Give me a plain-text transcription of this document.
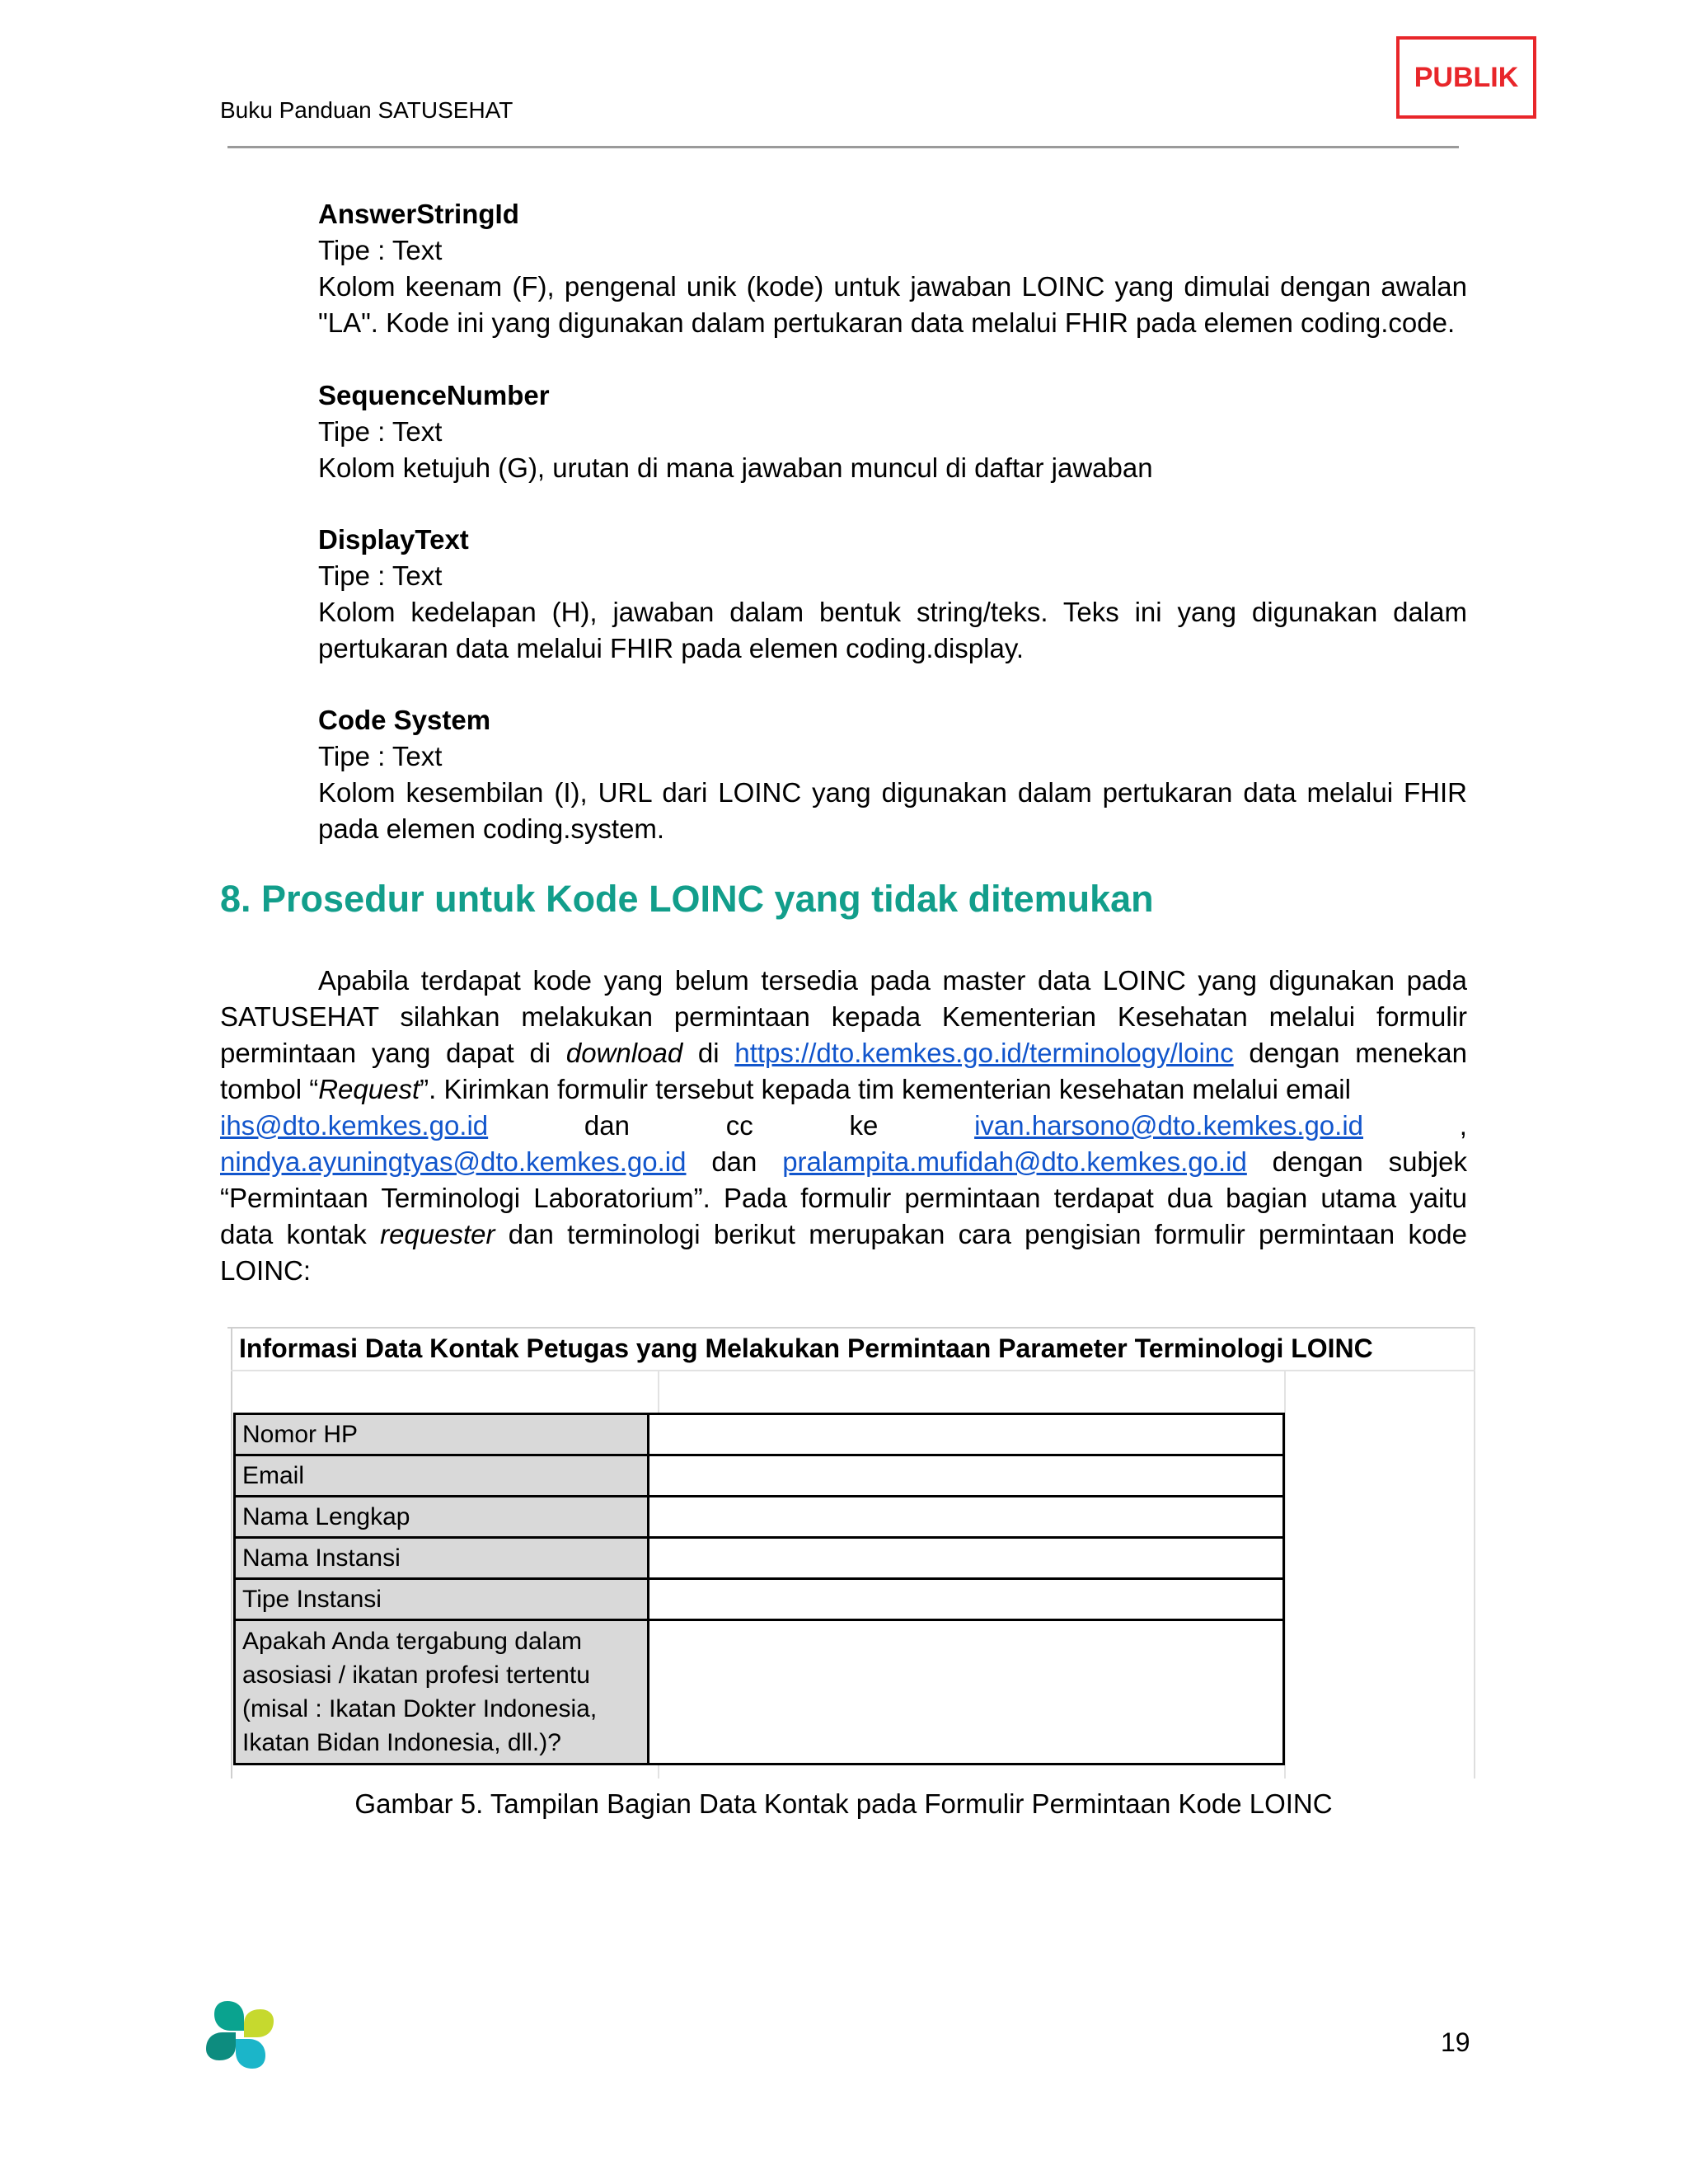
Buku Panduan SATUSEHAT
PUBLIK
AnswerStringId
Tipe : Text
Kolom keenam (F), pengenal unik (kode) untuk jawaban LOINC yang dimulai dengan awalan "LA". Kode ini yang digunakan dalam pertukaran data melalui FHIR pada elemen coding.code.
SequenceNumber
Tipe : Text
Kolom ketujuh (G), urutan di mana jawaban muncul di daftar jawaban
DisplayText
Tipe : Text
Kolom kedelapan (H), jawaban dalam bentuk string/teks. Teks ini yang digunakan dalam pertukaran data melalui FHIR pada elemen coding.display.
Code System
Tipe : Text
Kolom kesembilan (I), URL dari LOINC yang digunakan dalam pertukaran data melalui FHIR pada elemen coding.system.
8. Prosedur untuk Kode LOINC yang tidak ditemukan
Apabila terdapat kode yang belum tersedia pada master data LOINC yang digunakan pada SATUSEHAT silahkan melakukan permintaan kepada Kementerian Kesehatan melalui formulir permintaan yang dapat di download di https://dto.kemkes.go.id/terminology/loinc dengan menekan tombol “Request”. Kirimkan formulir tersebut kepada tim kementerian kesehatan melalui email
ihs@dto.kemkes.go.id	dan	cc	ke	ivan.harsono@dto.kemkes.go.id	,
nindya.ayuningtyas@dto.kemkes.go.id dan pralampita.mufidah@dto.kemkes.go.id dengan subjek “Permintaan Terminologi Laboratorium”. Pada formulir permintaan terdapat dua bagian utama yaitu data kontak requester dan terminologi berikut merupakan cara pengisian formulir permintaan kode LOINC:
Informasi Data Kontak Petugas yang Melakukan Permintaan Parameter Terminologi LOINC
Nomor HP	
Email	
Nama Lengkap	
Nama Instansi	
Tipe Instansi	

Apakah Anda tergabung dalam
asosiasi / ikatan profesi tertentu
(misal : Ikatan Dokter Indonesia,
Ikatan Bidan Indonesia, dll.)?	

Gambar 5. Tampilan Bagian Data Kontak pada Formulir Permintaan Kode LOINC
19
